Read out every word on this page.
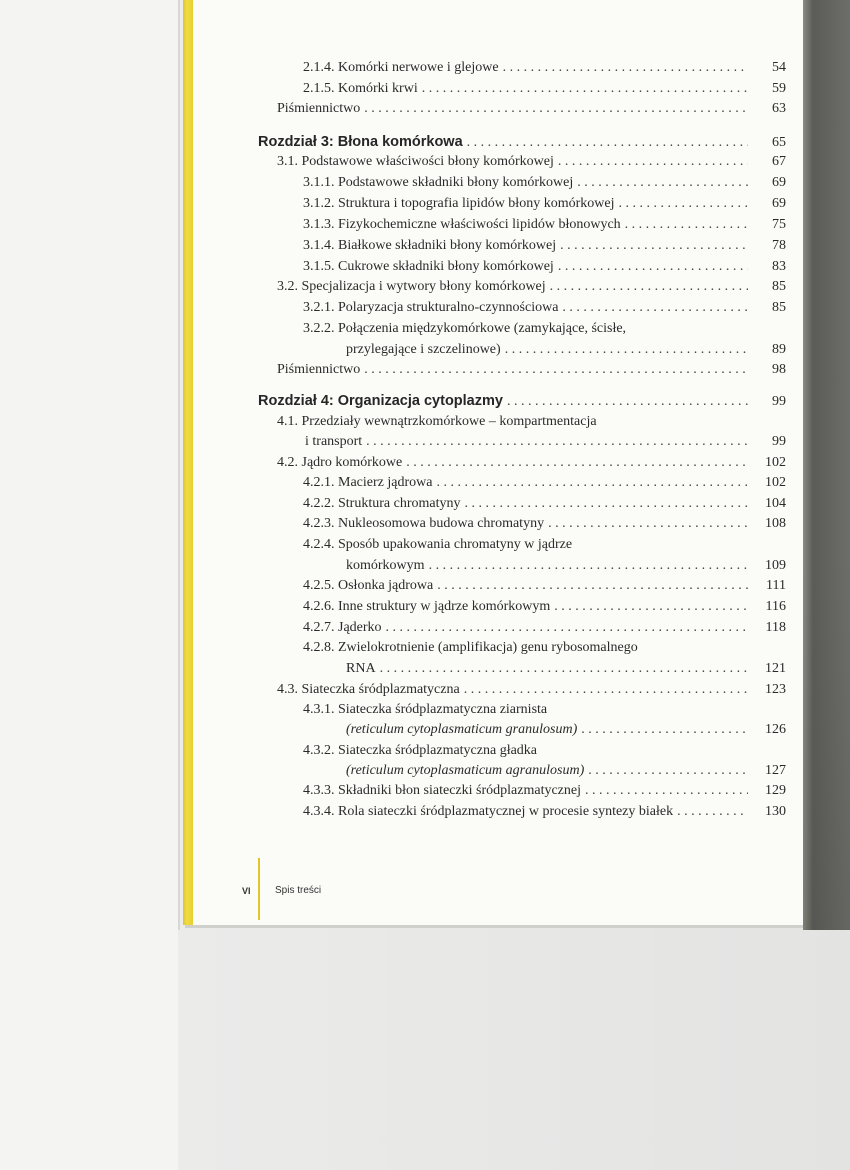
2.1.4. Komórki nerwowe i glejowe . . .	54
2.1.5. Komórki krwi . . .	59
Piśmiennictwo . . .	63
Rozdział 3: Błona komórkowa . . .	65
3.1. Podstawowe właściwości błony komórkowej . . .	67
3.1.1. Podstawowe składniki błony komórkowej . . .	69
3.1.2. Struktura i topografia lipidów błony komórkowej . . .	69
3.1.3. Fizykochemiczne właściwości lipidów błonowych . . .	75
3.1.4. Białkowe składniki błony komórkowej . . .	78
3.1.5. Cukrowe składniki błony komórkowej . . .	83
3.2. Specjalizacja i wytwory błony komórkowej . . .	85
3.2.1. Polaryzacja strukturalno-czynnościowa . . .	85
3.2.2. Połączenia międzykomórkowe (zamykające, ścisłe,
przylegające i szczelinowe) . . .	89
Piśmiennictwo . . .	98
Rozdział 4: Organizacja cytoplazmy . . .	99
4.1. Przedziały wewnątrzkomórkowe – kompartmentacja
i transport . . .	99
4.2. Jądro komórkowe . . .	102
4.2.1. Macierz jądrowa . . .	102
4.2.2. Struktura chromatyny . . .	104
4.2.3. Nukleosomowa budowa chromatyny . . .	108
4.2.4. Sposób upakowania chromatyny w jądrze
komórkowym . . .	109
4.2.5. Osłonka jądrowa . . .	111
4.2.6. Inne struktury w jądrze komórkowym . . .	116
4.2.7. Jąderko . . .	118
4.2.8. Zwielokrotnienie (amplifikacja) genu rybosomalnego
RNA . . .	121
4.3. Siateczka śródplazmatyczna . . .	123
4.3.1. Siateczka śródplazmatyczna ziarnista
(reticulum cytoplasmaticum granulosum) . . .	126
4.3.2. Siateczka śródplazmatyczna gładka
(reticulum cytoplasmaticum agranulosum) . . .	127
4.3.3. Składniki błon siateczki śródplazmatycznej . . .	129
4.3.4. Rola siateczki śródplazmatycznej w procesie syntezy białek . . .	130
VI Spis treści
